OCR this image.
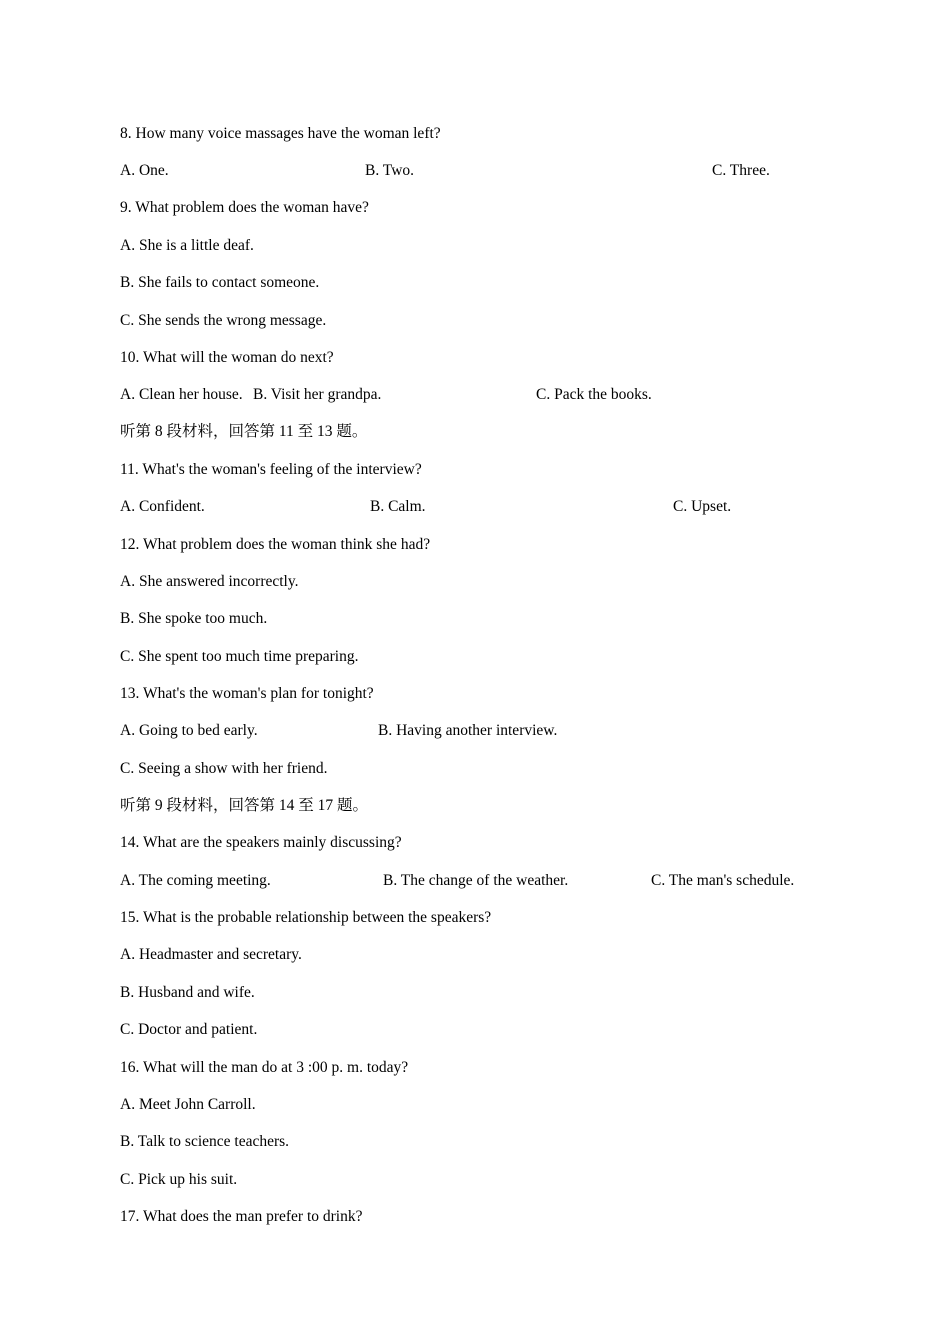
8. How many voice massages have the woman left?
A. One.	B. Two.	C. Three.
9. What problem does the woman have?
A. She is a little deaf.
B. She fails to contact someone.
C. She sends the wrong message.
10. What will the woman do next?
A. Clean her house. B. Visit her grandpa.	C. Pack the books.
听第 8 段材料，回答第 11 至 13 题。
11. What's the woman's feeling of the interview?
A. Confident.	B. Calm.	C. Upset.
12. What problem does the woman think she had?
A. She answered incorrectly.
B. She spoke too much.
C. She spent too much time preparing.
13. What's the woman's plan for tonight?
A. Going to bed early.	B. Having another interview.
C. Seeing a show with her friend.
听第 9 段材料，回答第 14 至 17 题。
14. What are the speakers mainly discussing?
A. The coming meeting.	B. The change of the weather.	C. The man's schedule.
15. What is the probable relationship between the speakers?
A. Headmaster and secretary.
B. Husband and wife.
C. Doctor and patient.
16. What will the man do at 3 :00 p. m. today?
A. Meet John Carroll.
B. Talk to science teachers.
C. Pick up his suit.
17. What does the man prefer to drink?
